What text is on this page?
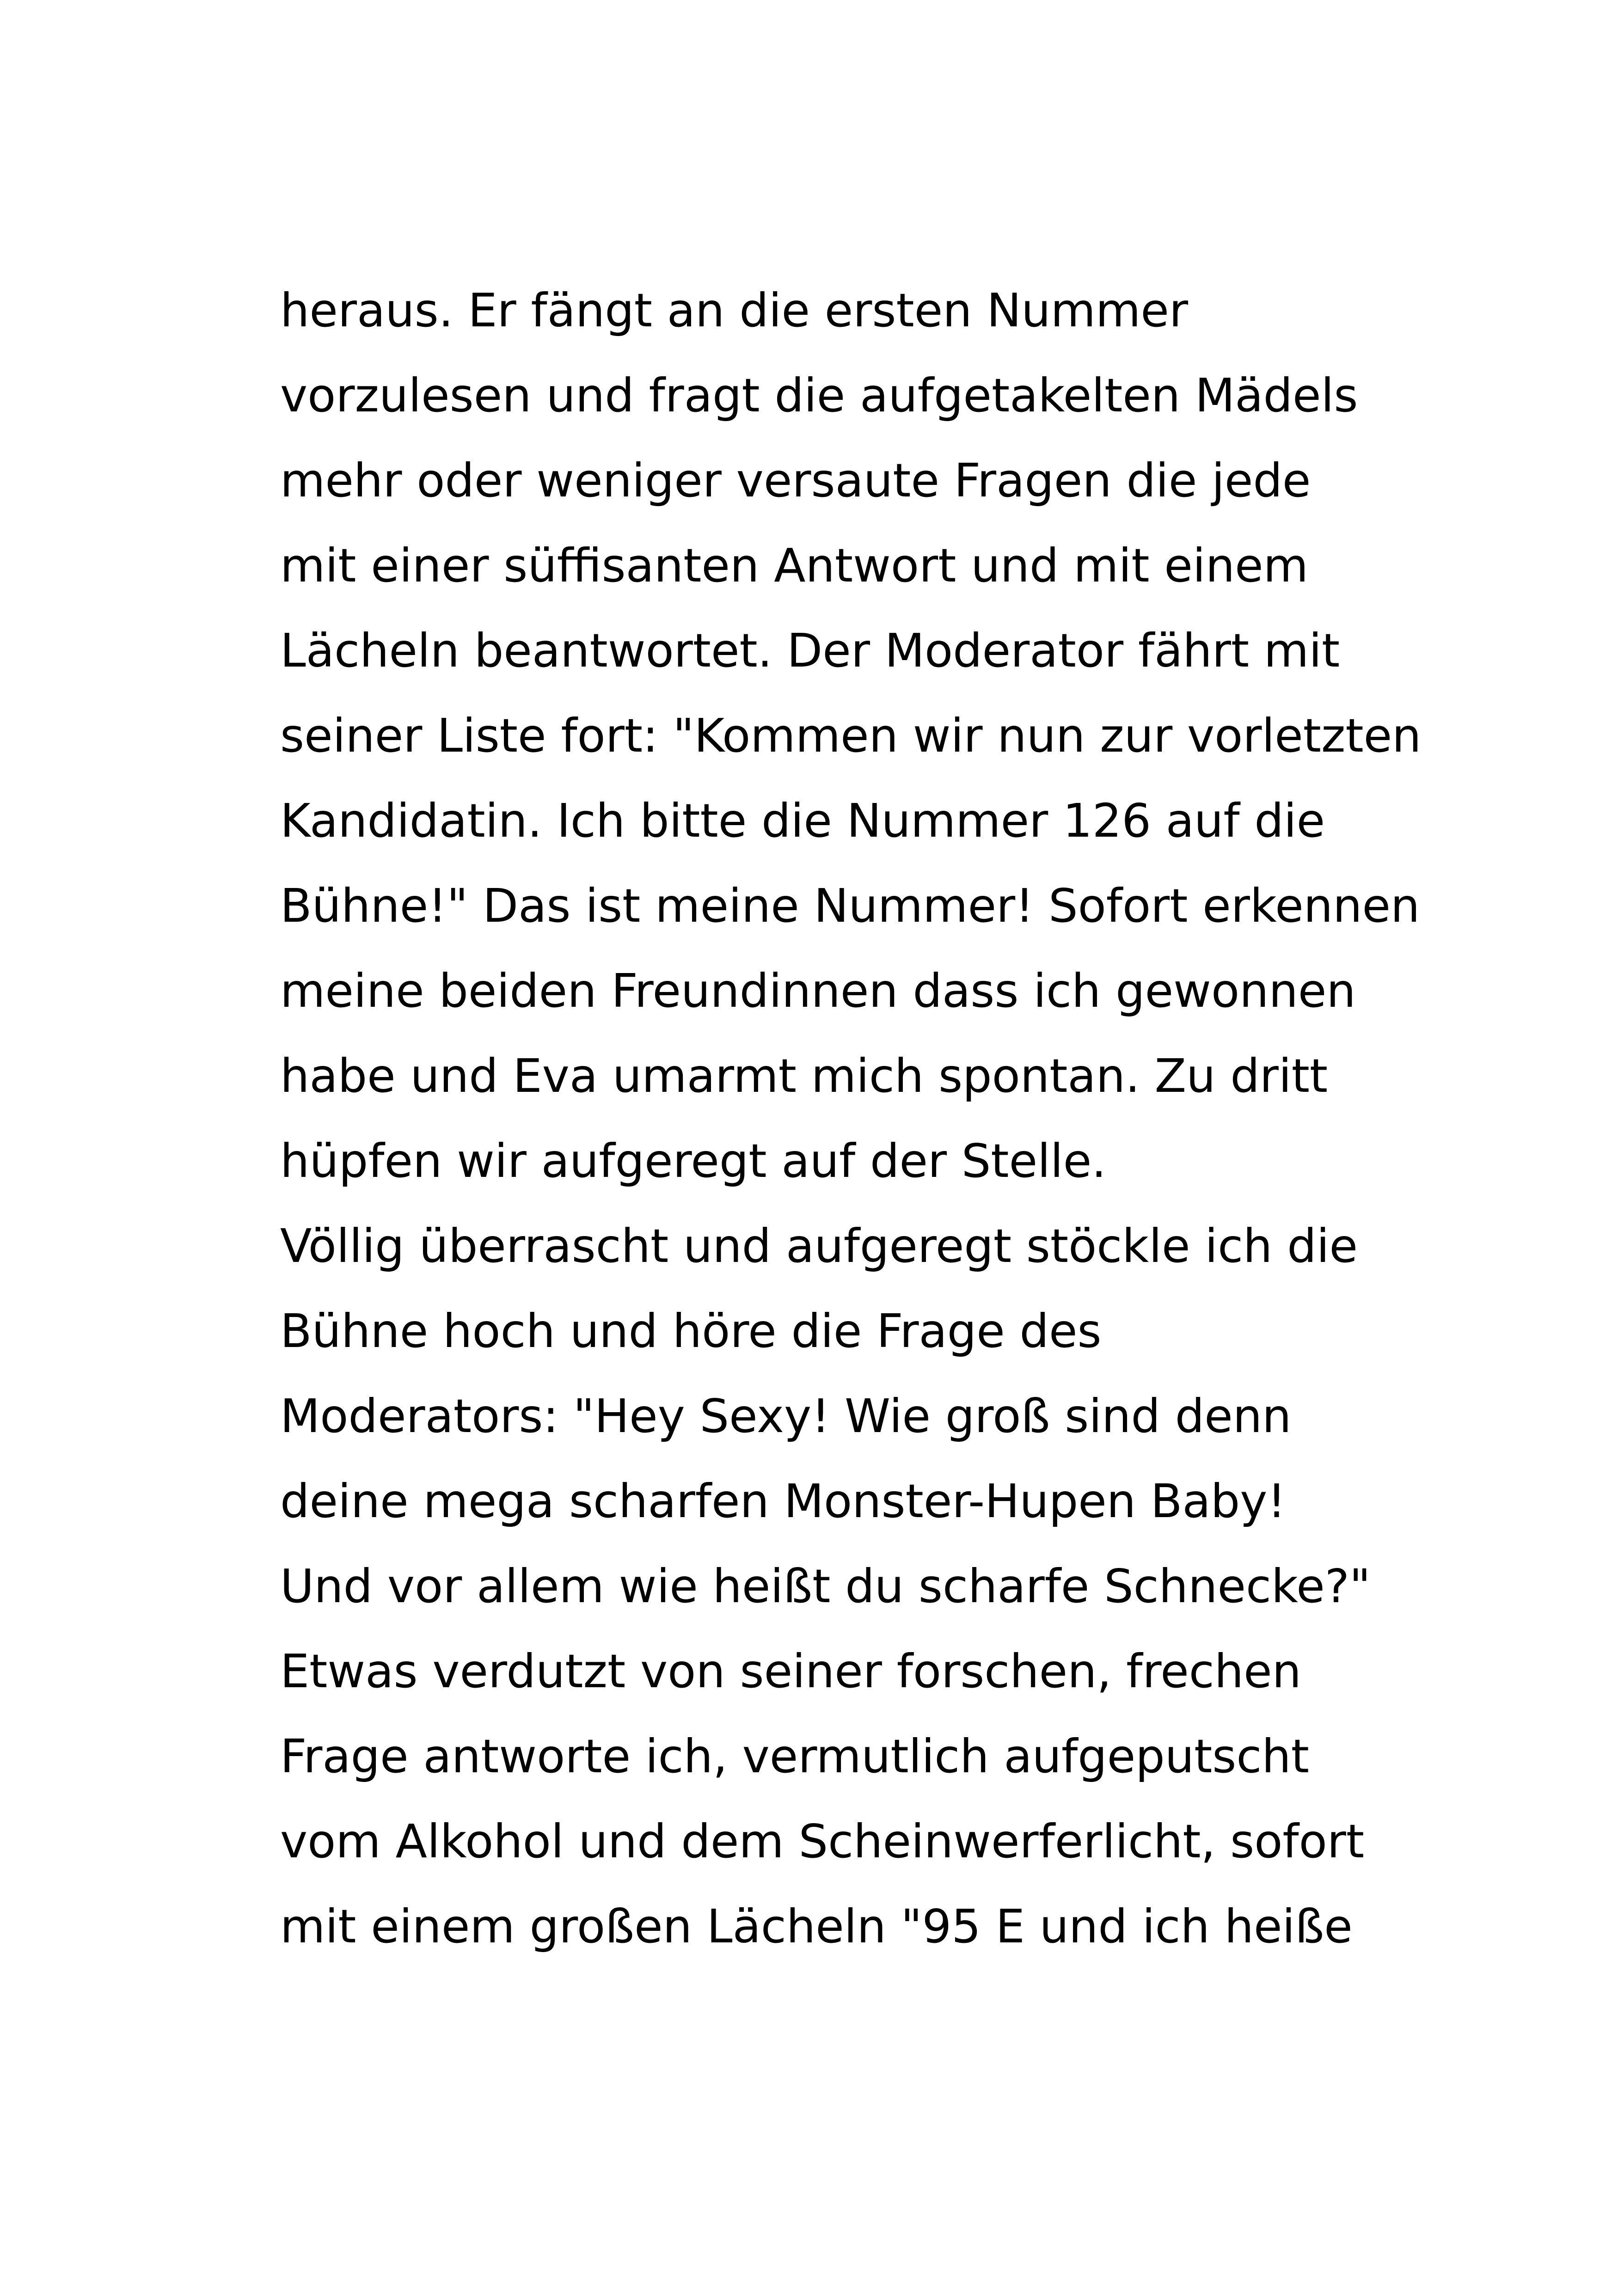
heraus. Er fängt an die ersten Nummer
vorzulesen und fragt die aufgetakelten Mädels
mehr oder weniger versaute Fragen die jede
mit einer süffisanten Antwort und mit einem
Lächeln beantwortet. Der Moderator fährt mit
seiner Liste fort: "Kommen wir nun zur vorletzten
Kandidatin. Ich bitte die Nummer 126 auf die
Bühne!" Das ist meine Nummer! Sofort erkennen
meine beiden Freundinnen dass ich gewonnen
habe und Eva umarmt mich spontan. Zu dritt
hüpfen wir aufgeregt auf der Stelle.
Völlig überrascht und aufgeregt stöckle ich die
Bühne hoch und höre die Frage des
Moderators: "Hey Sexy! Wie groß sind denn
deine mega scharfen Monster-Hupen Baby!
Und vor allem wie heißt du scharfe Schnecke?"
Etwas verdutzt von seiner forschen, frechen
Frage antworte ich, vermutlich aufgeputscht
vom Alkohol und dem Scheinwerferlicht, sofort
mit einem großen Lächeln "95 E und ich heiße
